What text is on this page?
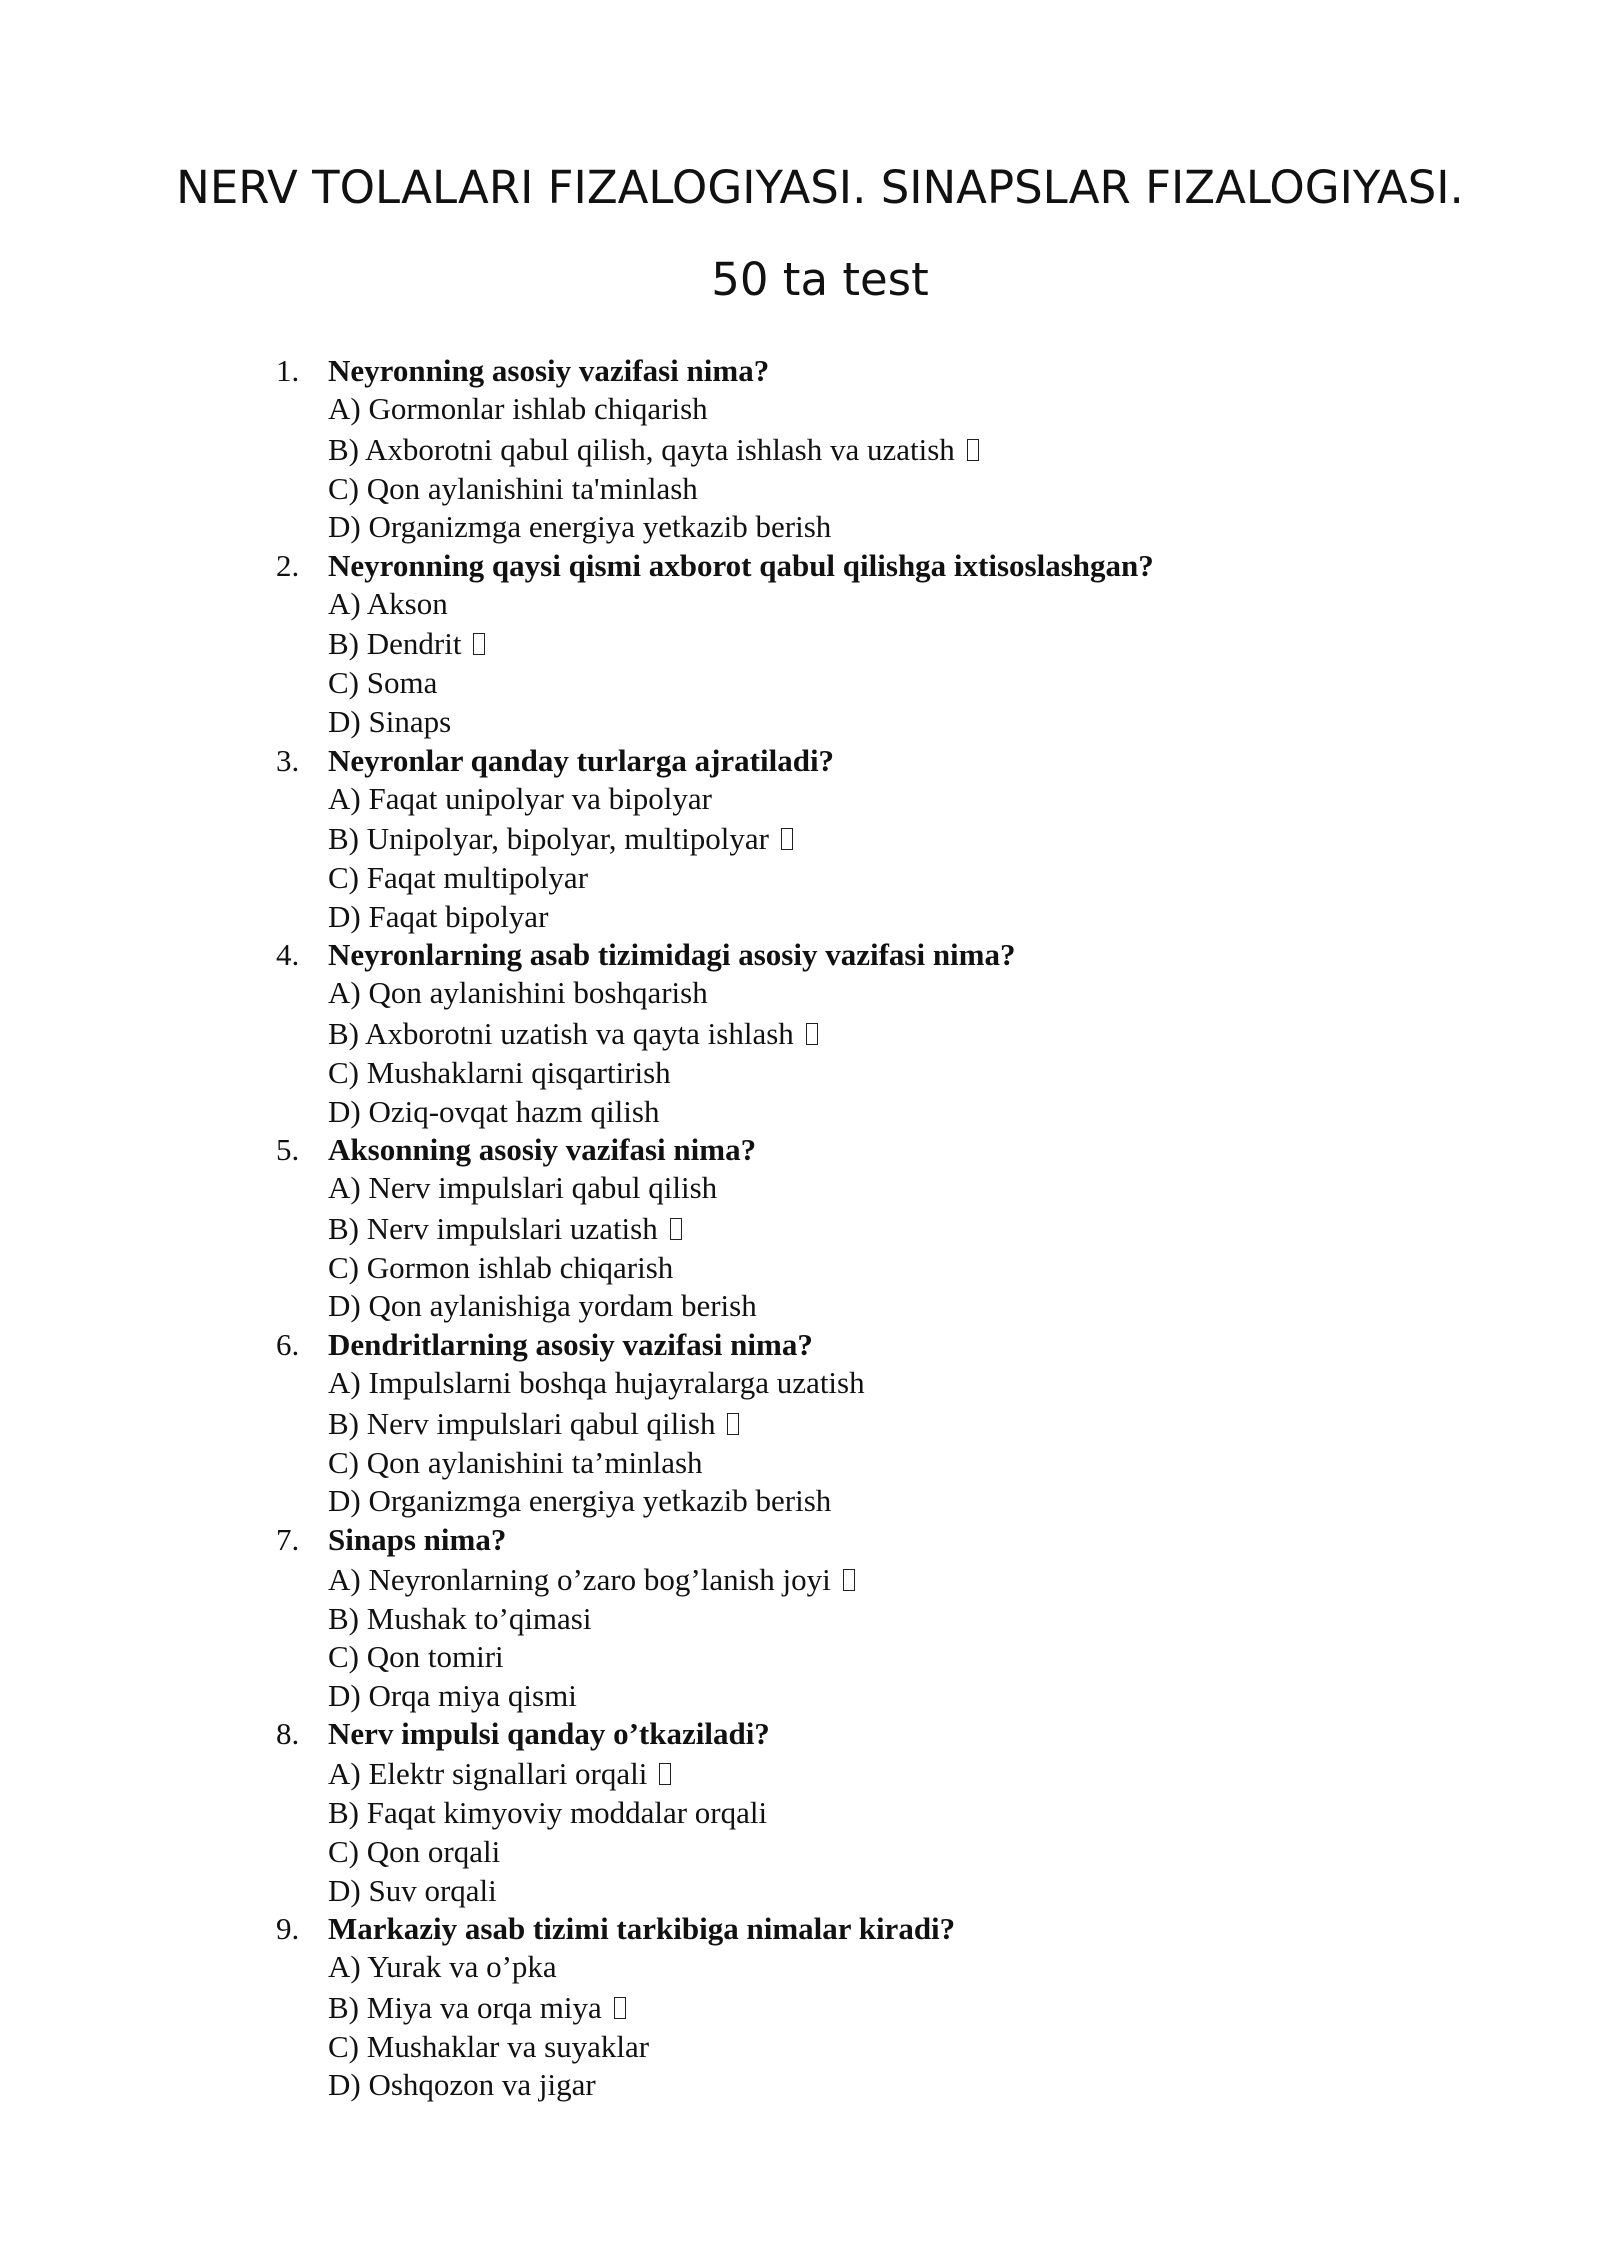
NERV TOLALARI FIZALOGIYASI. SINAPSLAR FIZALOGIYASI.
50 ta test
1. Neyronning asosiy vazifasi nima?
A) Gormonlar ishlab chiqarish
B) Axborotni qabul qilish, qayta ishlash va uzatish
C) Qon aylanishini ta'minlash
D) Organizmga energiya yetkazib berish
2. Neyronning qaysi qismi axborot qabul qilishga ixtisoslashgan?
A) Akson
B) Dendrit
C) Soma
D) Sinaps
3. Neyronlar qanday turlarga ajratiladi?
A) Faqat unipolyar va bipolyar
B) Unipolyar, bipolyar, multipolyar
C) Faqat multipolyar
D) Faqat bipolyar
4. Neyronlarning asab tizimidagi asosiy vazifasi nima?
A) Qon aylanishini boshqarish
B) Axborotni uzatish va qayta ishlash
C) Mushaklarni qisqartirish
D) Oziq-ovqat hazm qilish
5. Aksonning asosiy vazifasi nima?
A) Nerv impulslari qabul qilish
B) Nerv impulslari uzatish
C) Gormon ishlab chiqarish
D) Qon aylanishiga yordam berish
6. Dendritlarning asosiy vazifasi nima?
A) Impulslarni boshqa hujayralarga uzatish
B) Nerv impulslari qabul qilish
C) Qon aylanishini ta’minlash
D) Organizmga energiya yetkazib berish
7. Sinaps nima?
A) Neyronlarning o’zaro bog’lanish joyi
B) Mushak to’qimasi
C) Qon tomiri
D) Orqa miya qismi
8. Nerv impulsi qanday o’tkaziladi?
A) Elektr signallari orqali
B) Faqat kimyoviy moddalar orqali
C) Qon orqali
D) Suv orqali
9. Markaziy asab tizimi tarkibiga nimalar kiradi?
A) Yurak va o’pka
B) Miya va orqa miya
C) Mushaklar va suyaklar
D) Oshqozon va jigar
